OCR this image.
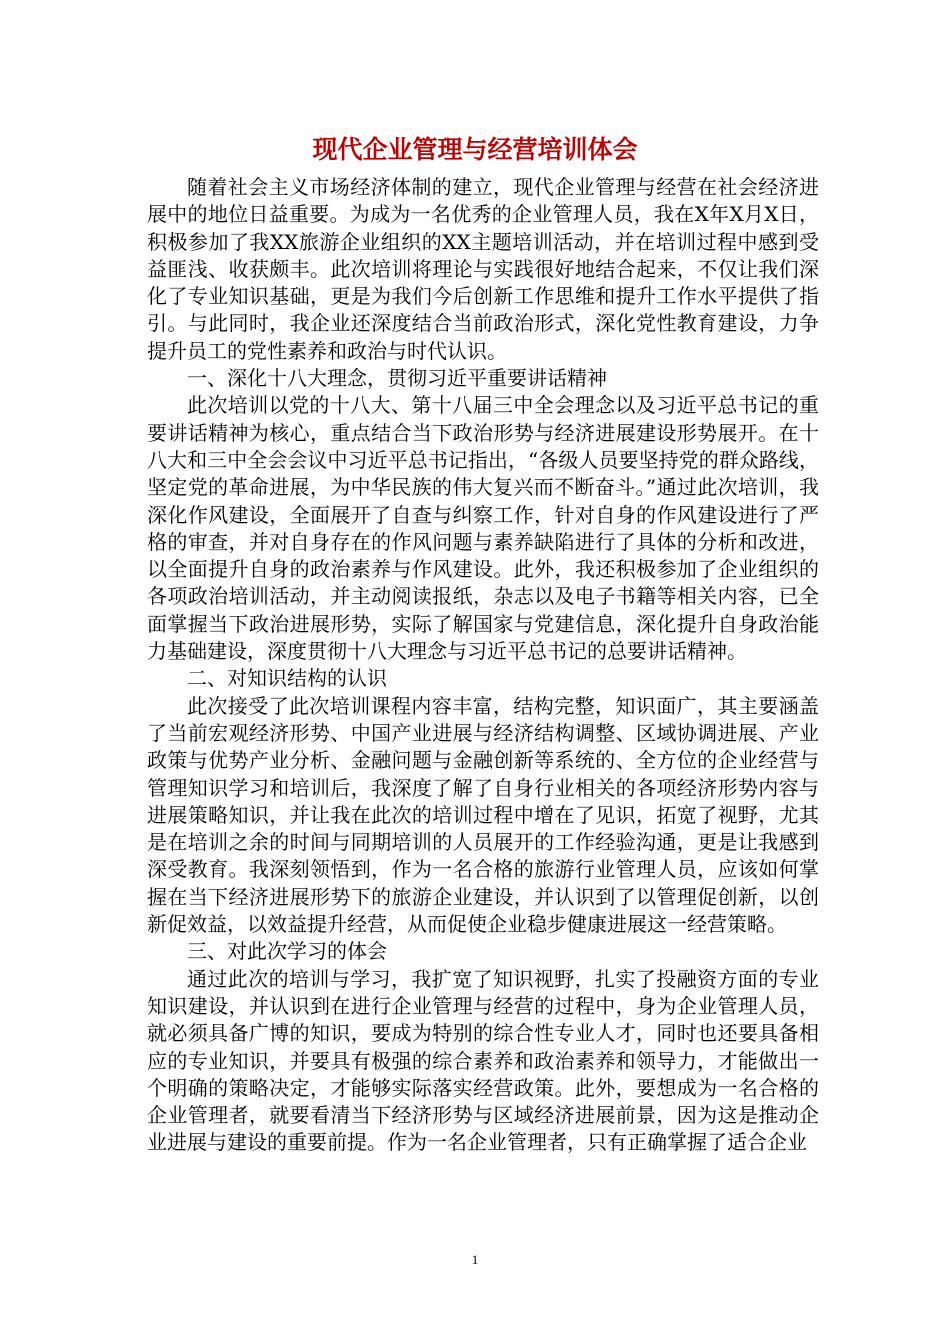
现代企业管理与经营培训体会

随着社会主义市场经济体制的建立，现代企业管理与经营在社会经济进展中的地位日益重要。为成为一名优秀的企业管理人员，我在X年X月X日，积极参加了我XX旅游企业组织的XX主题培训活动，并在培训过程中感到受益匪浅、收获颇丰。此次培训将理论与实践很好地结合起来，不仅让我们深化了专业知识基础，更是为我们今后创新工作思维和提升工作水平提供了指引。与此同时，我企业还深度结合当前政治形式，深化党性教育建设，力争提升员工的党性素养和政治与时代认识。

一、深化十八大理念，贯彻习近平重要讲话精神

此次培训以党的十八大、第十八届三中全会理念以及习近平总书记的重要讲话精神为核心，重点结合当下政治形势与经济进展建设形势展开。在十八大和三中全会会议中习近平总书记指出，“各级人员要坚持党的群众路线，坚定党的革命进展，为中华民族的伟大复兴而不断奋斗。”通过此次培训，我深化作风建设，全面展开了自查与纠察工作，针对自身的作风建设进行了严格的审查，并对自身存在的作风问题与素养缺陷进行了具体的分析和改进，以全面提升自身的政治素养与作风建设。此外，我还积极参加了企业组织的各项政治培训活动，并主动阅读报纸，杂志以及电子书籍等相关内容，已全面掌握当下政治进展形势，实际了解国家与党建信息，深化提升自身政治能力基础建设，深度贯彻十八大理念与习近平总书记的总要讲话精神。

二、对知识结构的认识

此次接受了此次培训课程内容丰富，结构完整，知识面广，其主要涵盖了当前宏观经济形势、中国产业进展与经济结构调整、区域协调进展、产业政策与优势产业分析、金融问题与金融创新等系统的、全方位的企业经营与管理知识学习和培训后，我深度了解了自身行业相关的各项经济形势内容与进展策略知识，并让我在此次的培训过程中增在了见识，拓宽了视野，尤其是在培训之余的时间与同期培训的人员展开的工作经验沟通，更是让我感到深受教育。我深刻领悟到，作为一名合格的旅游行业管理人员，应该如何掌握在当下经济进展形势下的旅游企业建设，并认识到了以管理促创新，以创新促效益，以效益提升经营，从而促使企业稳步健康进展这一经营策略。

三、对此次学习的体会

通过此次的培训与学习，我扩宽了知识视野，扎实了投融资方面的专业知识建设，并认识到在进行企业管理与经营的过程中，身为企业管理人员，就必须具备广博的知识，要成为特别的综合性专业人才，同时也还要具备相应的专业知识，并要具有极强的综合素养和政治素养和领导力，才能做出一个明确的策略决定，才能够实际落实经营政策。此外，要想成为一名合格的企业管理者，就要看清当下经济形势与区域经济进展前景，因为这是推动企业进展与建设的重要前提。作为一名企业管理者，只有正确掌握了适合企业

1
